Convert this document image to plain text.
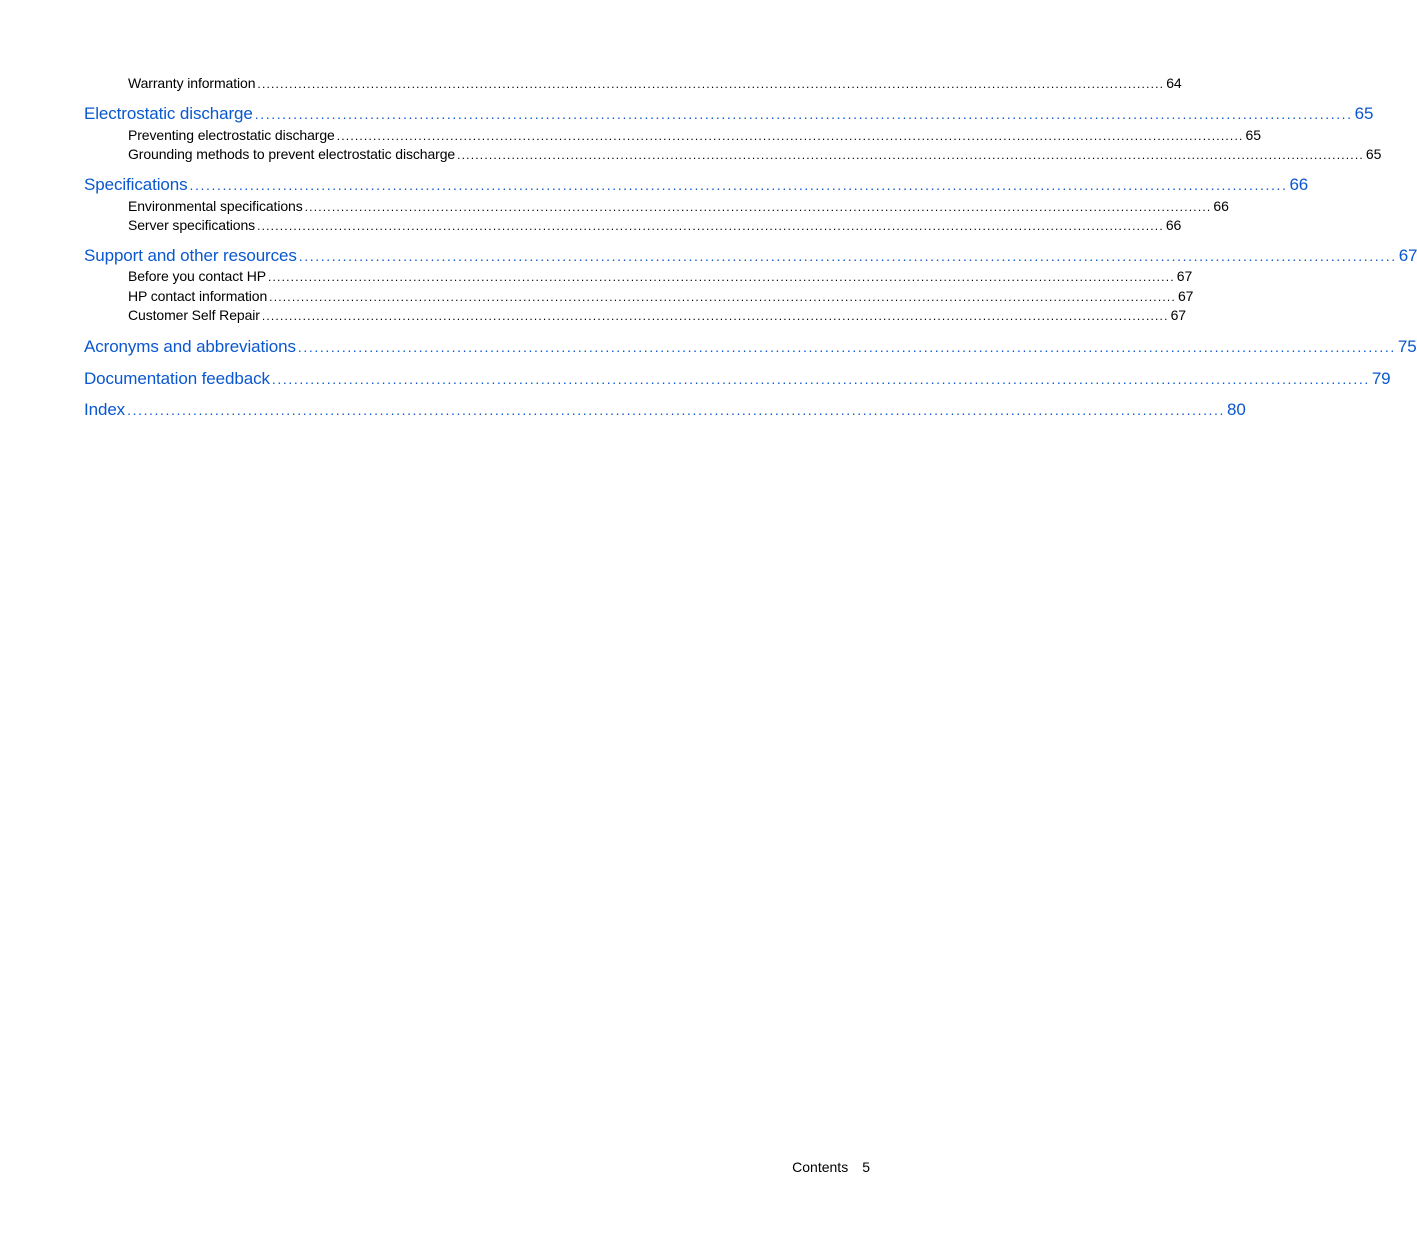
Warranty information ........................................................................................................................................................................................................ 64
Electrostatic discharge ........................................................................................................................................................................................................ 65
Preventing electrostatic discharge ........................................................................................................................................................................................................ 65
Grounding methods to prevent electrostatic discharge ........................................................................................................................................................................................................ 65
Specifications ........................................................................................................................................................................................................ 66
Environmental specifications ........................................................................................................................................................................................................ 66
Server specifications ........................................................................................................................................................................................................ 66
Support and other resources ........................................................................................................................................................................................................ 67
Before you contact HP ........................................................................................................................................................................................................ 67
HP contact information ........................................................................................................................................................................................................ 67
Customer Self Repair ........................................................................................................................................................................................................ 67
Acronyms and abbreviations ........................................................................................................................................................................................................ 75
Documentation feedback ........................................................................................................................................................................................................ 79
Index ........................................................................................................................................................................................................ 80
Contents 5
